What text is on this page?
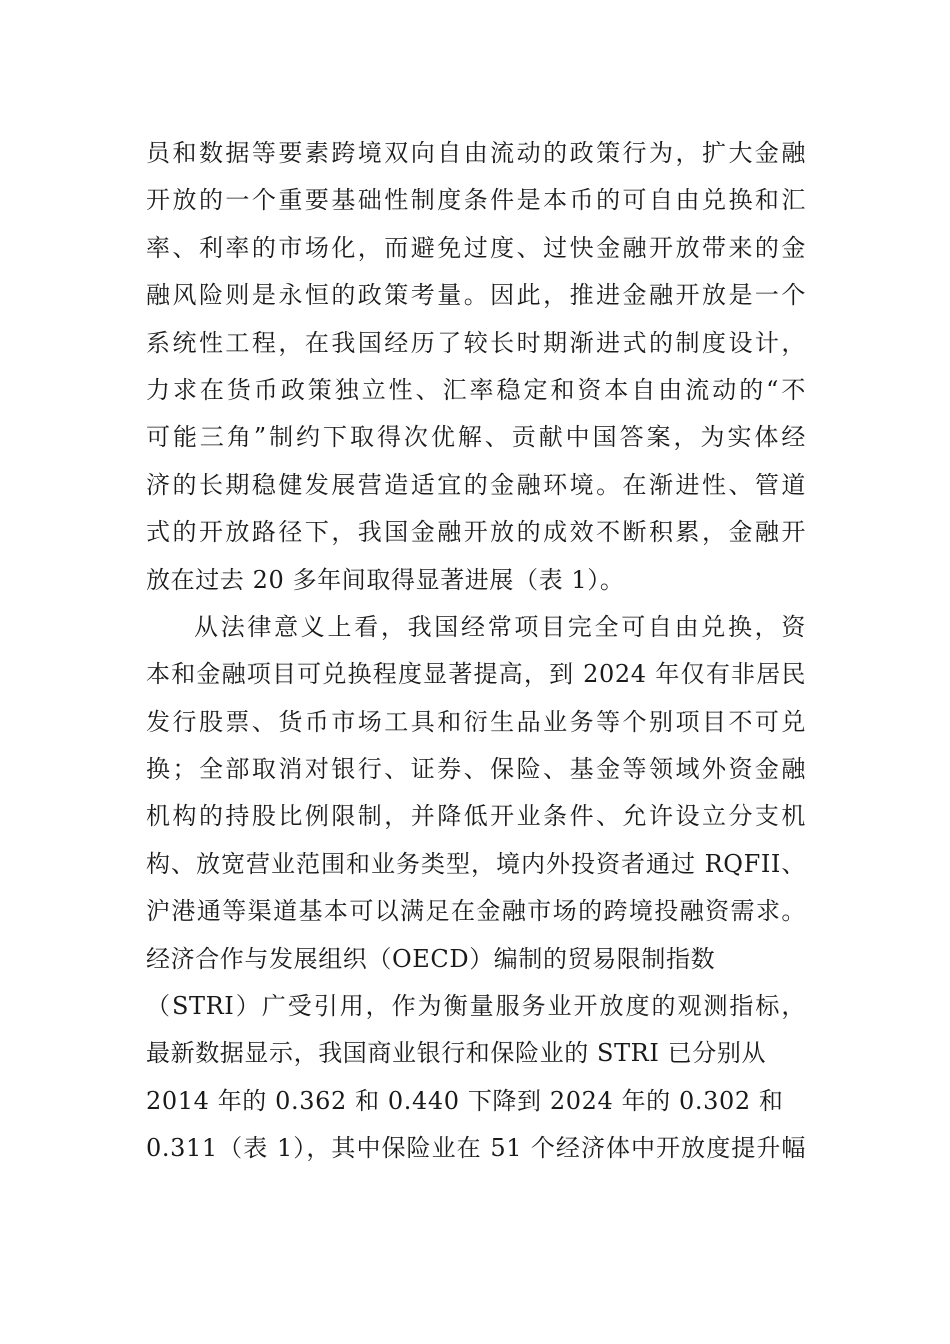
员和数据等要素跨境双向自由流动的政策行为，扩大金融
开放的一个重要基础性制度条件是本币的可自由兑换和汇
率、利率的市场化，而避免过度、过快金融开放带来的金
融风险则是永恒的政策考量。因此，推进金融开放是一个
系统性工程，在我国经历了较长时期渐进式的制度设计，
力求在货币政策独立性、汇率稳定和资本自由流动的“不
可能三角”制约下取得次优解、贡献中国答案，为实体经
济的长期稳健发展营造适宜的金融环境。在渐进性、管道
式的开放路径下，我国金融开放的成效不断积累，金融开
放在过去 20 多年间取得显著进展（表 1）。
从法律意义上看，我国经常项目完全可自由兑换，资
本和金融项目可兑换程度显著提高，到 2024 年仅有非居民
发行股票、货币市场工具和衍生品业务等个别项目不可兑
换；全部取消对银行、证券、保险、基金等领域外资金融
机构的持股比例限制，并降低开业条件、允许设立分支机
构、放宽营业范围和业务类型，境内外投资者通过 RQFII、
沪港通等渠道基本可以满足在金融市场的跨境投融资需求。
经济合作与发展组织（OECD）编制的贸易限制指数
（STRI）广受引用，作为衡量服务业开放度的观测指标，
最新数据显示，我国商业银行和保险业的 STRI 已分别从
2014 年的 0.362 和 0.440 下降到 2024 年的 0.302 和
0.311（表 1），其中保险业在 51 个经济体中开放度提升幅
